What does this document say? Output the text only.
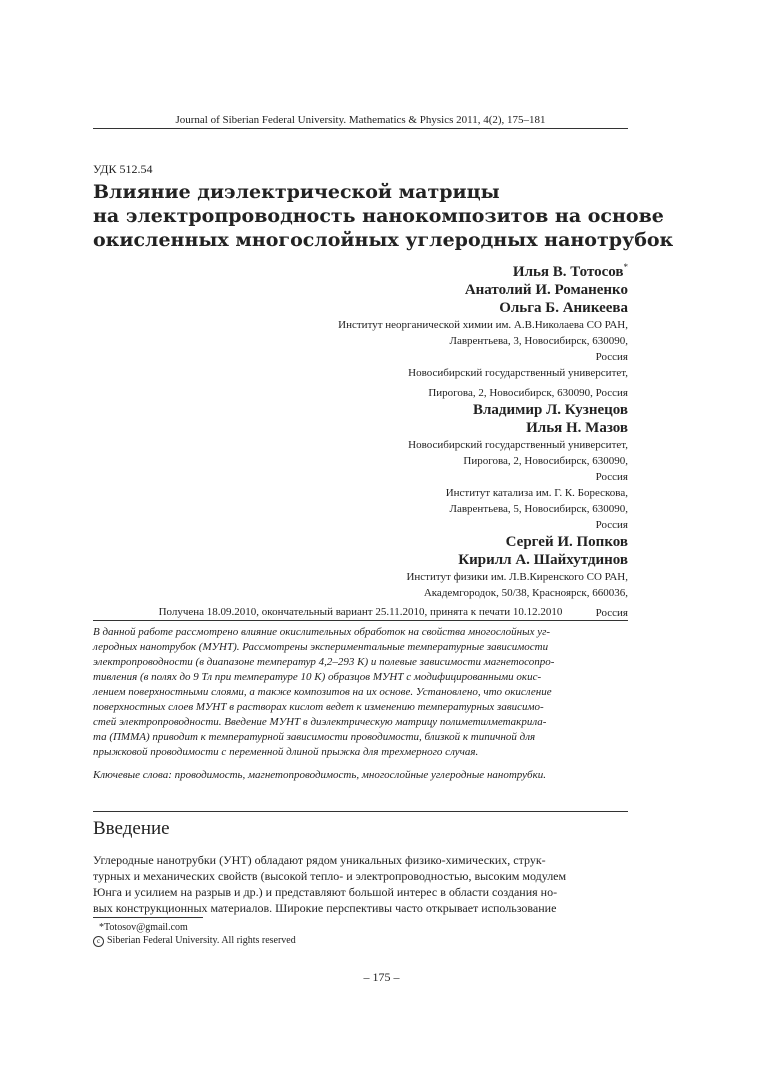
Journal of Siberian Federal University. Mathematics & Physics 2011, 4(2), 175–181
УДК 512.54
Влияние диэлектрической матрицы
на электропроводность нанокомпозитов на основе
окисленных многослойных углеродных нанотрубок
Илья В. Тотосов*
Анатолий И. Романенко
Ольга Б. Аникеева
Институт неорганической химии им. А.В.Николаева СО РАН,
Лаврентьева, 3, Новосибирск, 630090,
Россия
Новосибирский государственный университет,
Пирогова, 2, Новосибирск, 630090, Россия
Владимир Л. Кузнецов
Илья Н. Мазов
Новосибирский государственный университет,
Пирогова, 2, Новосибирск, 630090,
Россия
Институт катализа им. Г. К. Борескова,
Лаврентьева, 5, Новосибирск, 630090,
Россия
Сергей И. Попков
Кирилл А. Шайхутдинов
Институт физики им. Л.В.Киренского СО РАН,
Академгородок, 50/38, Красноярск, 660036,
Россия
Получена 18.09.2010, окончательный вариант 25.11.2010, принята к печати 10.12.2010
В данной работе рассмотрено влияние окислительных обработок на свойства многослойных уг-
леродных нанотрубок (МУНТ). Рассмотрены экспериментальные температурные зависимости
электропроводности (в диапазоне температур 4,2–293 К) и полевые зависимости магнетосопро-
тивления (в полях до 9 Тл при температуре 10 К) образцов МУНТ с модифицированными окис-
лением поверхностными слоями, а также композитов на их основе. Установлено, что окисление
поверхностных слоев МУНТ в растворах кислот ведет к изменению температурных зависимо-
стей электропроводности. Введение МУНТ в диэлектрическую матрицу полиметилметакрила-
та (ПММА) приводит к температурной зависимости проводимости, близкой к типичной для
прыжковой проводимости с переменной длиной прыжка для трехмерного случая.
Ключевые слова: проводимость, магнетопроводимость, многослойные углеродные нанотрубки.
Введение
Углеродные нанотрубки (УНТ) обладают рядом уникальных физико-химических, струк-
турных и механических свойств (высокой тепло- и электропроводностью, высоким модулем
Юнга и усилием на разрыв и др.) и представляют большой интерес в области создания но-
вых конструкционных материалов. Широкие перспективы часто открывает использование
*Totosov@gmail.com
c Siberian Federal University. All rights reserved
– 175 –
